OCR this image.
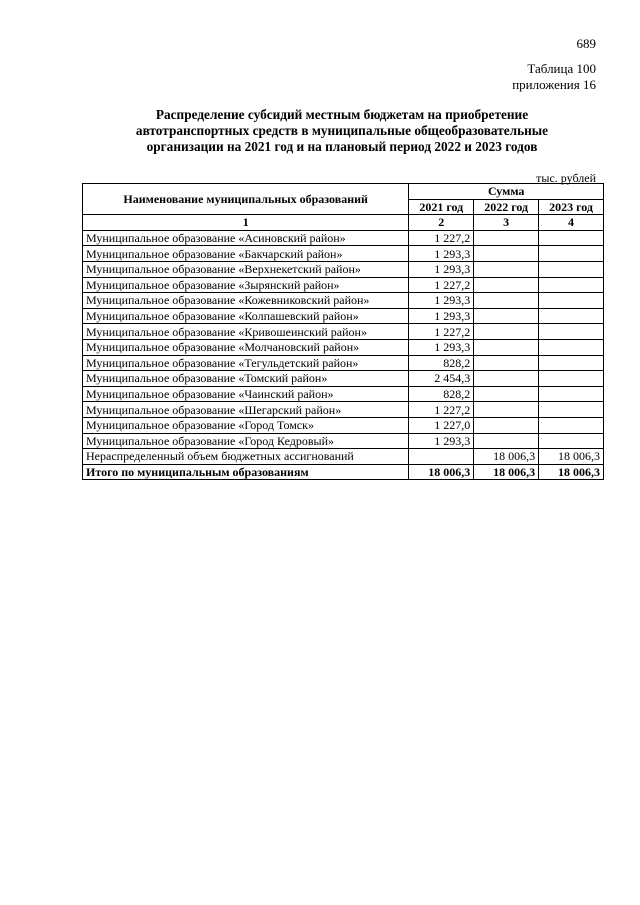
689
Таблица 100
приложения 16
Распределение субсидий местным бюджетам на приобретение
автотранспортных средств в муниципальные общеобразовательные
организации на 2021 год и на плановый период 2022 и 2023 годов
тыс. рублей
Наименование муниципальных образований	Сумма		
	2021 год	2022 год	2023 год
1	2	3	4
Муниципальное образование «Асиновский район»	1 227,2		
Муниципальное образование «Бакчарский район»	1 293,3		
Муниципальное образование «Верхнекетский район»	1 293,3		
Муниципальное образование «Зырянский район»	1 227,2		
Муниципальное образование «Кожевниковский район»	1 293,3		
Муниципальное образование «Колпашевский район»	1 293,3		
Муниципальное образование «Кривошеинский район»	1 227,2		
Муниципальное образование «Молчановский район»	1 293,3		
Муниципальное образование «Тегульдетский район»	828,2		
Муниципальное образование «Томский район»	2 454,3		
Муниципальное образование «Чаинский район»	828,2		
Муниципальное образование «Шегарский район»	1 227,2		
Муниципальное образование «Город Томск»	1 227,0		
Муниципальное образование «Город Кедровый»	1 293,3		
Нераспределенный объем бюджетных ассигнований		18 006,3	18 006,3
Итого по муниципальным образованиям	18 006,3	18 006,3	18 006,3
